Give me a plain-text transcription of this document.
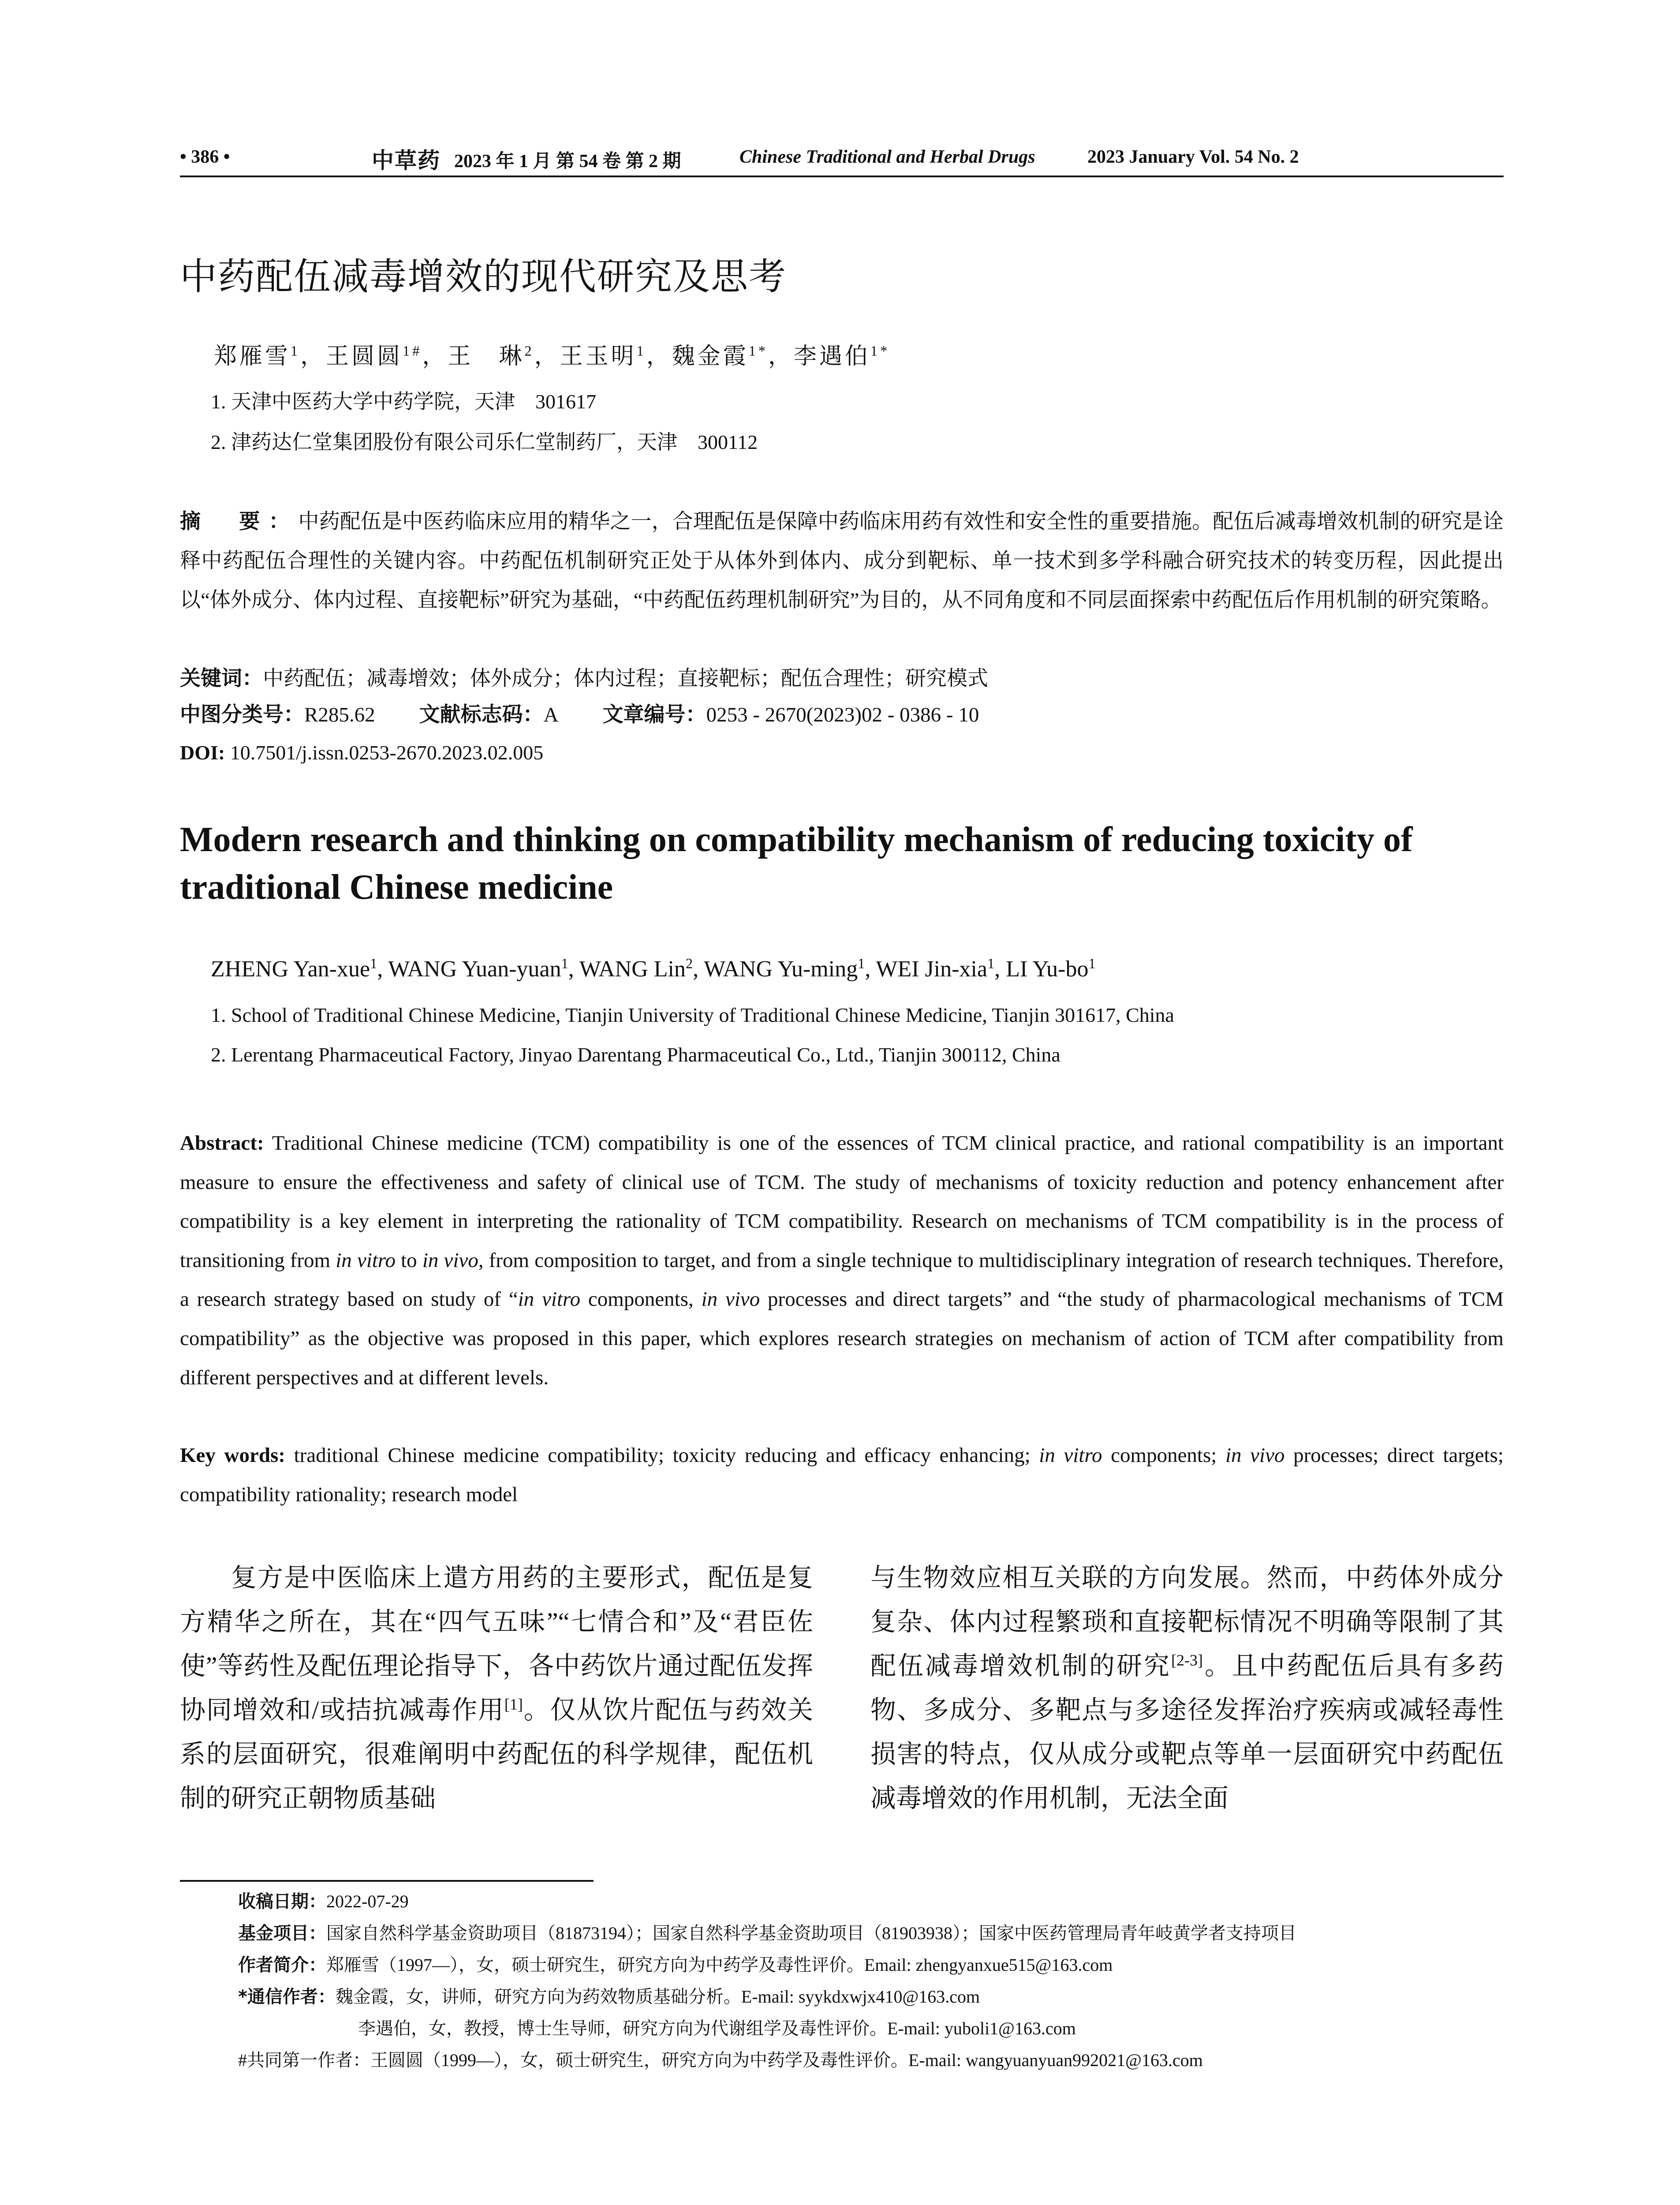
• 386 •	中草药 2023 年 1 月 第 54 卷 第 2 期	Chinese Traditional and Herbal Drugs	2023 January Vol. 54 No. 2
中药配伍减毒增效的现代研究及思考
郑雁雪$^1$，王圆圆$^{1\#}$，王　琳$^2$，王玉明$^1$，魏金霞$^{1*}$，李遇伯$^{1*}$
1. 天津中医药大学中药学院，天津　301617
2. 津药达仁堂集团股份有限公司乐仁堂制药厂，天津　300112
摘　要：中药配伍是中医药临床应用的精华之一，合理配伍是保障中药临床用药有效性和安全性的重要措施。配伍后减毒增效机制的研究是诠释中药配伍合理性的关键内容。中药配伍机制研究正处于从体外到体内、成分到靶标、单一技术到多学科融合研究技术的转变历程，因此提出以“体外成分、体内过程、直接靶标”研究为基础，“中药配伍药理机制研究”为目的，从不同角度和不同层面探索中药配伍后作用机制的研究策略。
关键词：中药配伍；减毒增效；体外成分；体内过程；直接靶标；配伍合理性；研究模式
中图分类号：R285.62 文献标志码：A 文章编号：0253 - 2670(2023)02 - 0386 - 10
DOI: 10.7501/j.issn.0253-2670.2023.02.005
Modern research and thinking on compatibility mechanism of reducing toxicity of traditional Chinese medicine
ZHENG Yan-xue$^1$, WANG Yuan-yuan$^1$, WANG Lin$^2$, WANG Yu-ming$^1$, WEI Jin-xia$^1$, LI $Yu-bo^1$
1. School of Traditional Chinese Medicine, Tianjin University of Traditional Chinese Medicine, Tianjin 301617, China
2. Lerentang Pharmaceutical Factory, Jinyao Darentang Pharmaceutical Co., Ltd., Tianjin 300112, China
Abstract: Traditional Chinese medicine (TCM) compatibility is one of the essences of TCM clinical practice, and rational compatibility is an important measure to ensure the effectiveness and safety of clinical use of TCM. The study of mechanisms of toxicity reduction and potency enhancement after compatibility is a key element in interpreting the rationality of TCM compatibility. Research on mechanisms of TCM compatibility is in the process of transitioning from in vitro to in vivo, from composition to target, and from a single technique to multidisciplinary integration of research techniques. Therefore, a research strategy based on study of “in vitro components, in vivo processes and direct targets” and “the study of pharmacological mechanisms of TCM compatibility” as the objective was proposed in this paper, which explores research strategies on mechanism of action of TCM after compatibility from different perspectives and at different levels.
Key words: traditional Chinese medicine compatibility; toxicity reducing and efficacy enhancing; in vitro components; in vivo processes; direct targets; compatibility rationality; research model
复方是中医临床上遣方用药的主要形式，配伍是复方精华之所在，其在“四气五味”“七情合和”及“君臣佐使”等药性及配伍理论指导下，各中药饮片通过配伍发挥协同增效和/或拮抗减毒作用[1]。仅从饮片配伍与药效关系的层面研究，很难阐明中药配伍的科学规律，配伍机制的研究正朝物质基础
与生物效应相互关联的方向发展。然而，中药体外成分复杂、体内过程繁琐和直接靶标情况不明确等限制了其配伍减毒增效机制的研究[2-3]。且中药配伍后具有多药物、多成分、多靶点与多途径发挥治疗疾病或减轻毒性损害的特点，仅从成分或靶点等单一层面研究中药配伍减毒增效的作用机制，无法全面
收稿日期：2022-07-29
基金项目：国家自然科学基金资助项目（81873194）；国家自然科学基金资助项目（81903938）；国家中医药管理局青年岐黄学者支持项目
作者简介：郑雁雪（1997—），女，硕士研究生，研究方向为中药学及毒性评价。Email: zhengyanxue515@163.com
*通信作者：魏金霞，女，讲师，研究方向为药效物质基础分析。E-mail: syykdxwjx410@163.com
李遇伯，女，教授，博士生导师，研究方向为代谢组学及毒性评价。E-mail: yuboli1@163.com
#共同第一作者：王圆圆（1999—），女，硕士研究生，研究方向为中药学及毒性评价。E-mail: wangyuanyuan992021@163.com
